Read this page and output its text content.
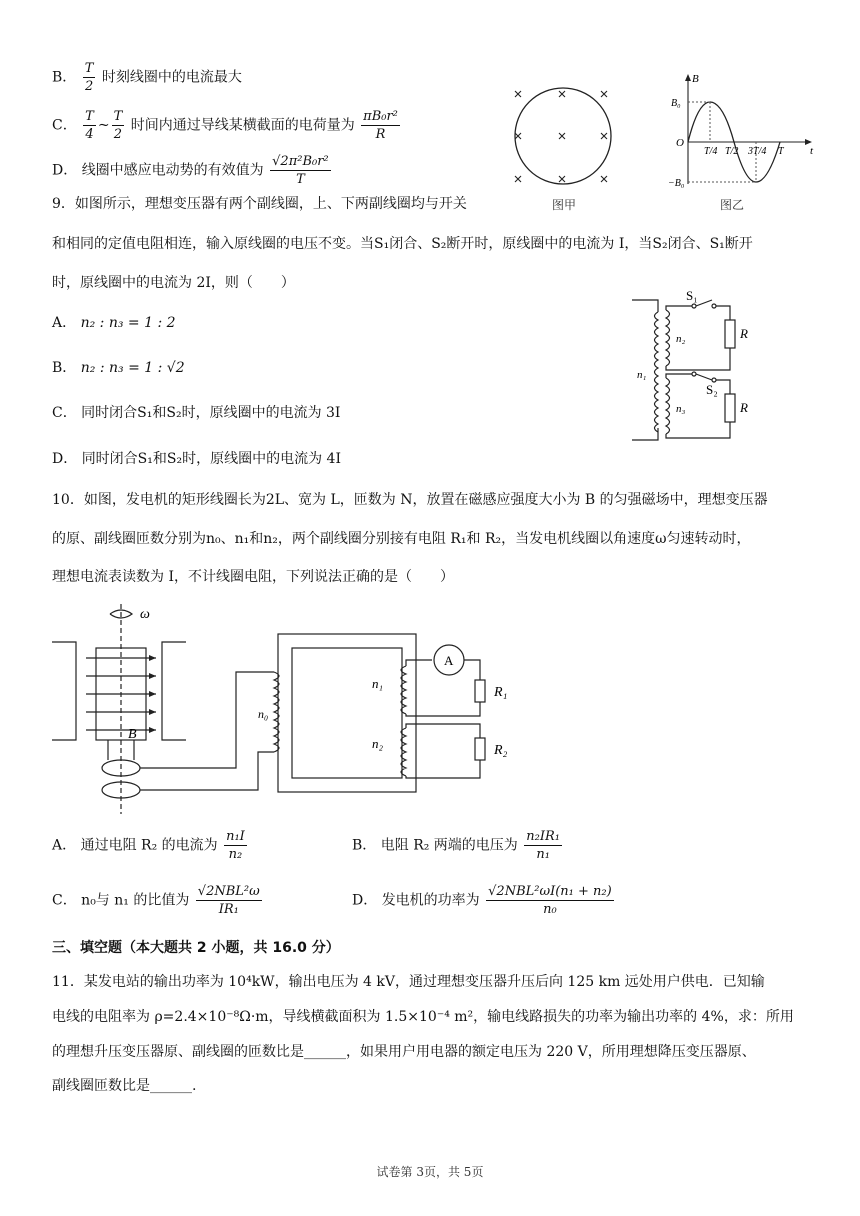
B． $\frac{T}{2}$ 时刻线圈中的电流最大
C． $\frac{T}{4}$ ~ $\frac{T}{2}$ 时间内通过导线某横截面的电荷量为 $\frac{\text{πB₀r²}}{R}$
D． 线圈中感应电动势的有效值为 $\frac{\text{√2π²B₀r²}}{T}$
图甲
B
t
O
B₀
−B₀
T/4 T/2 3T/4 T
图乙
9．如图所示，理想变压器有两个副线圈，上、下两副线圈均与开关
和相同的定值电阻相连，输入原线圈的电压不变。当S₁闭合、S₂断开时，原线圈中的电流为 I，当S₂闭合、S₁断开
时，原线圈中的电流为 2I，则（　　）
A． n₂ : n₃ = 1 : 2
B． n₂ : n₃ = 1 : √2
C． 同时闭合S₁和S₂时，原线圈中的电流为 3I
D． 同时闭合S₁和S₂时，原线圈中的电流为 4I
S₁
S₂
R
R
n₁
n₂
n₃
10．如图，发电机的矩形线圈长为2L、宽为 L，匝数为 N，放置在磁感应强度大小为 B 的匀强磁场中，理想变压器
的原、副线圈匝数分别为n₀、n₁和n₂，两个副线圈分别接有电阻 R₁和 R₂，当发电机线圈以角速度ω匀速转动时，
理想电流表读数为 I，不计线圈电阻，下列说法正确的是（　　）
ω
B
n₀
n₁
n₂
A
R₁
R₂
A． 通过电阻 R₂ 的电流为 $\frac{\text{n₁I}}{\text{n₂}}$	B． 电阻 R₂ 两端的电压为 $\frac{\text{n₂IR₁}}{\text{n₁}}$
C． n₀与 n₁ 的比值为 $\frac{\text{√2NBL²ω}}{\text{IR₁}}$	D． 发电机的功率为 $\frac{\text{√2NBL²ωI(n₁ + n₂)}}{\text{n₀}}$
三、填空题（本大题共 2 小题，共 16.0 分）
11．某发电站的输出功率为 10⁴kW，输出电压为 4 kV，通过理想变压器升压后向 125 km 远处用户供电．已知输
电线的电阻率为 ρ=2.4×10⁻⁸Ω·m，导线横截面积为 1.5×10⁻⁴ m²，输电线路损失的功率为输出功率的 4%，求：所用
的理想升压变压器原、副线圈的匝数比是______，如果用户用电器的额定电压为 220 V，所用理想降压变压器原、
副线圈匝数比是______.
试卷第 3页，共 5页
